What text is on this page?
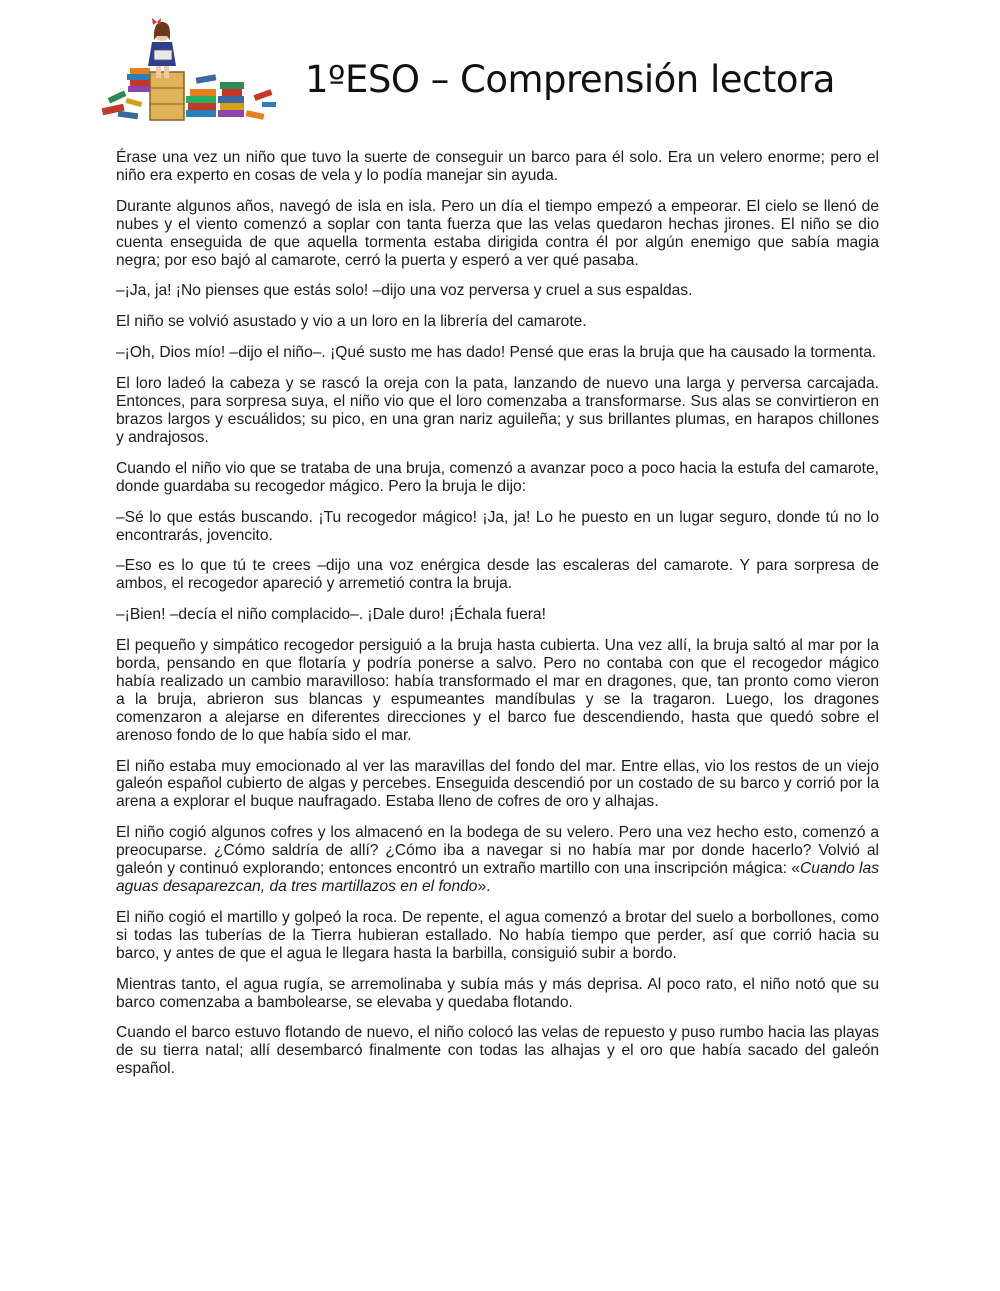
1ºESO – Comprensión lectora

Érase una vez un niño que tuvo la suerte de conseguir un barco para él solo. Era un velero enorme; pero el niño era experto en cosas de vela y lo podía manejar sin ayuda.

Durante algunos años, navegó de isla en isla. Pero un día el tiempo empezó a empeorar. El cielo se llenó de nubes y el viento comenzó a soplar con tanta fuerza que las velas quedaron hechas jirones. El niño se dio cuenta enseguida de que aquella tormenta estaba dirigida contra él por algún enemigo que sabía magia negra; por eso bajó al camarote, cerró la puerta y esperó a ver qué pasaba.

–¡Ja, ja! ¡No pienses que estás solo! –dijo una voz perversa y cruel a sus espaldas.

El niño se volvió asustado y vio a un loro en la librería del camarote.

–¡Oh, Dios mío! –dijo el niño–. ¡Qué susto me has dado! Pensé que eras la bruja que ha causado la tormenta.

El loro ladeó la cabeza y se rascó la oreja con la pata, lanzando de nuevo una larga y perversa carcajada. Entonces, para sorpresa suya, el niño vio que el loro comenzaba a transformarse. Sus alas se convirtieron en brazos largos y escuálidos; su pico, en una gran nariz aguileña; y sus brillantes plumas, en harapos chillones y andrajosos.

Cuando el niño vio que se trataba de una bruja, comenzó a avanzar poco a poco hacia la estufa del camarote, donde guardaba su recogedor mágico. Pero la bruja le dijo:

–Sé lo que estás buscando. ¡Tu recogedor mágico! ¡Ja, ja! Lo he puesto en un lugar seguro, donde tú no lo encontrarás, jovencito.

–Eso es lo que tú te crees –dijo una voz enérgica desde las escaleras del camarote. Y para sorpresa de ambos, el recogedor apareció y arremetió contra la bruja.

–¡Bien! –decía el niño complacido–. ¡Dale duro! ¡Échala fuera!

El pequeño y simpático recogedor persiguió a la bruja hasta cubierta. Una vez allí, la bruja saltó al mar por la borda, pensando en que flotaría y podría ponerse a salvo. Pero no contaba con que el recogedor mágico había realizado un cambio maravilloso: había transformado el mar en dragones, que, tan pronto como vieron a la bruja, abrieron sus blancas y espumeantes mandíbulas y se la tragaron. Luego, los dragones comenzaron a alejarse en diferentes direcciones y el barco fue descendiendo, hasta que quedó sobre el arenoso fondo de lo que había sido el mar.

El niño estaba muy emocionado al ver las maravillas del fondo del mar. Entre ellas, vio los restos de un viejo galeón español cubierto de algas y percebes. Enseguida descendió por un costado de su barco y corrió por la arena a explorar el buque naufragado. Estaba lleno de cofres de oro y alhajas.

El niño cogió algunos cofres y los almacenó en la bodega de su velero. Pero una vez hecho esto, comenzó a preocuparse. ¿Cómo saldría de allí? ¿Cómo iba a navegar si no había mar por donde hacerlo? Volvió al galeón y continuó explorando; entonces encontró un extraño martillo con una inscripción mágica: «Cuando las aguas desaparezcan, da tres martillazos en el fondo».

El niño cogió el martillo y golpeó la roca. De repente, el agua comenzó a brotar del suelo a borbollones, como si todas las tuberías de la Tierra hubieran estallado. No había tiempo que perder, así que corrió hacia su barco, y antes de que el agua le llegara hasta la barbilla, consiguió subir a bordo.

Mientras tanto, el agua rugía, se arremolinaba y subía más y más deprisa. Al poco rato, el niño notó que su barco comenzaba a bambolearse, se elevaba y quedaba flotando.

Cuando el barco estuvo flotando de nuevo, el niño colocó las velas de repuesto y puso rumbo hacia las playas de su tierra natal; allí desembarcó finalmente con todas las alhajas y el oro que había sacado del galeón español.
